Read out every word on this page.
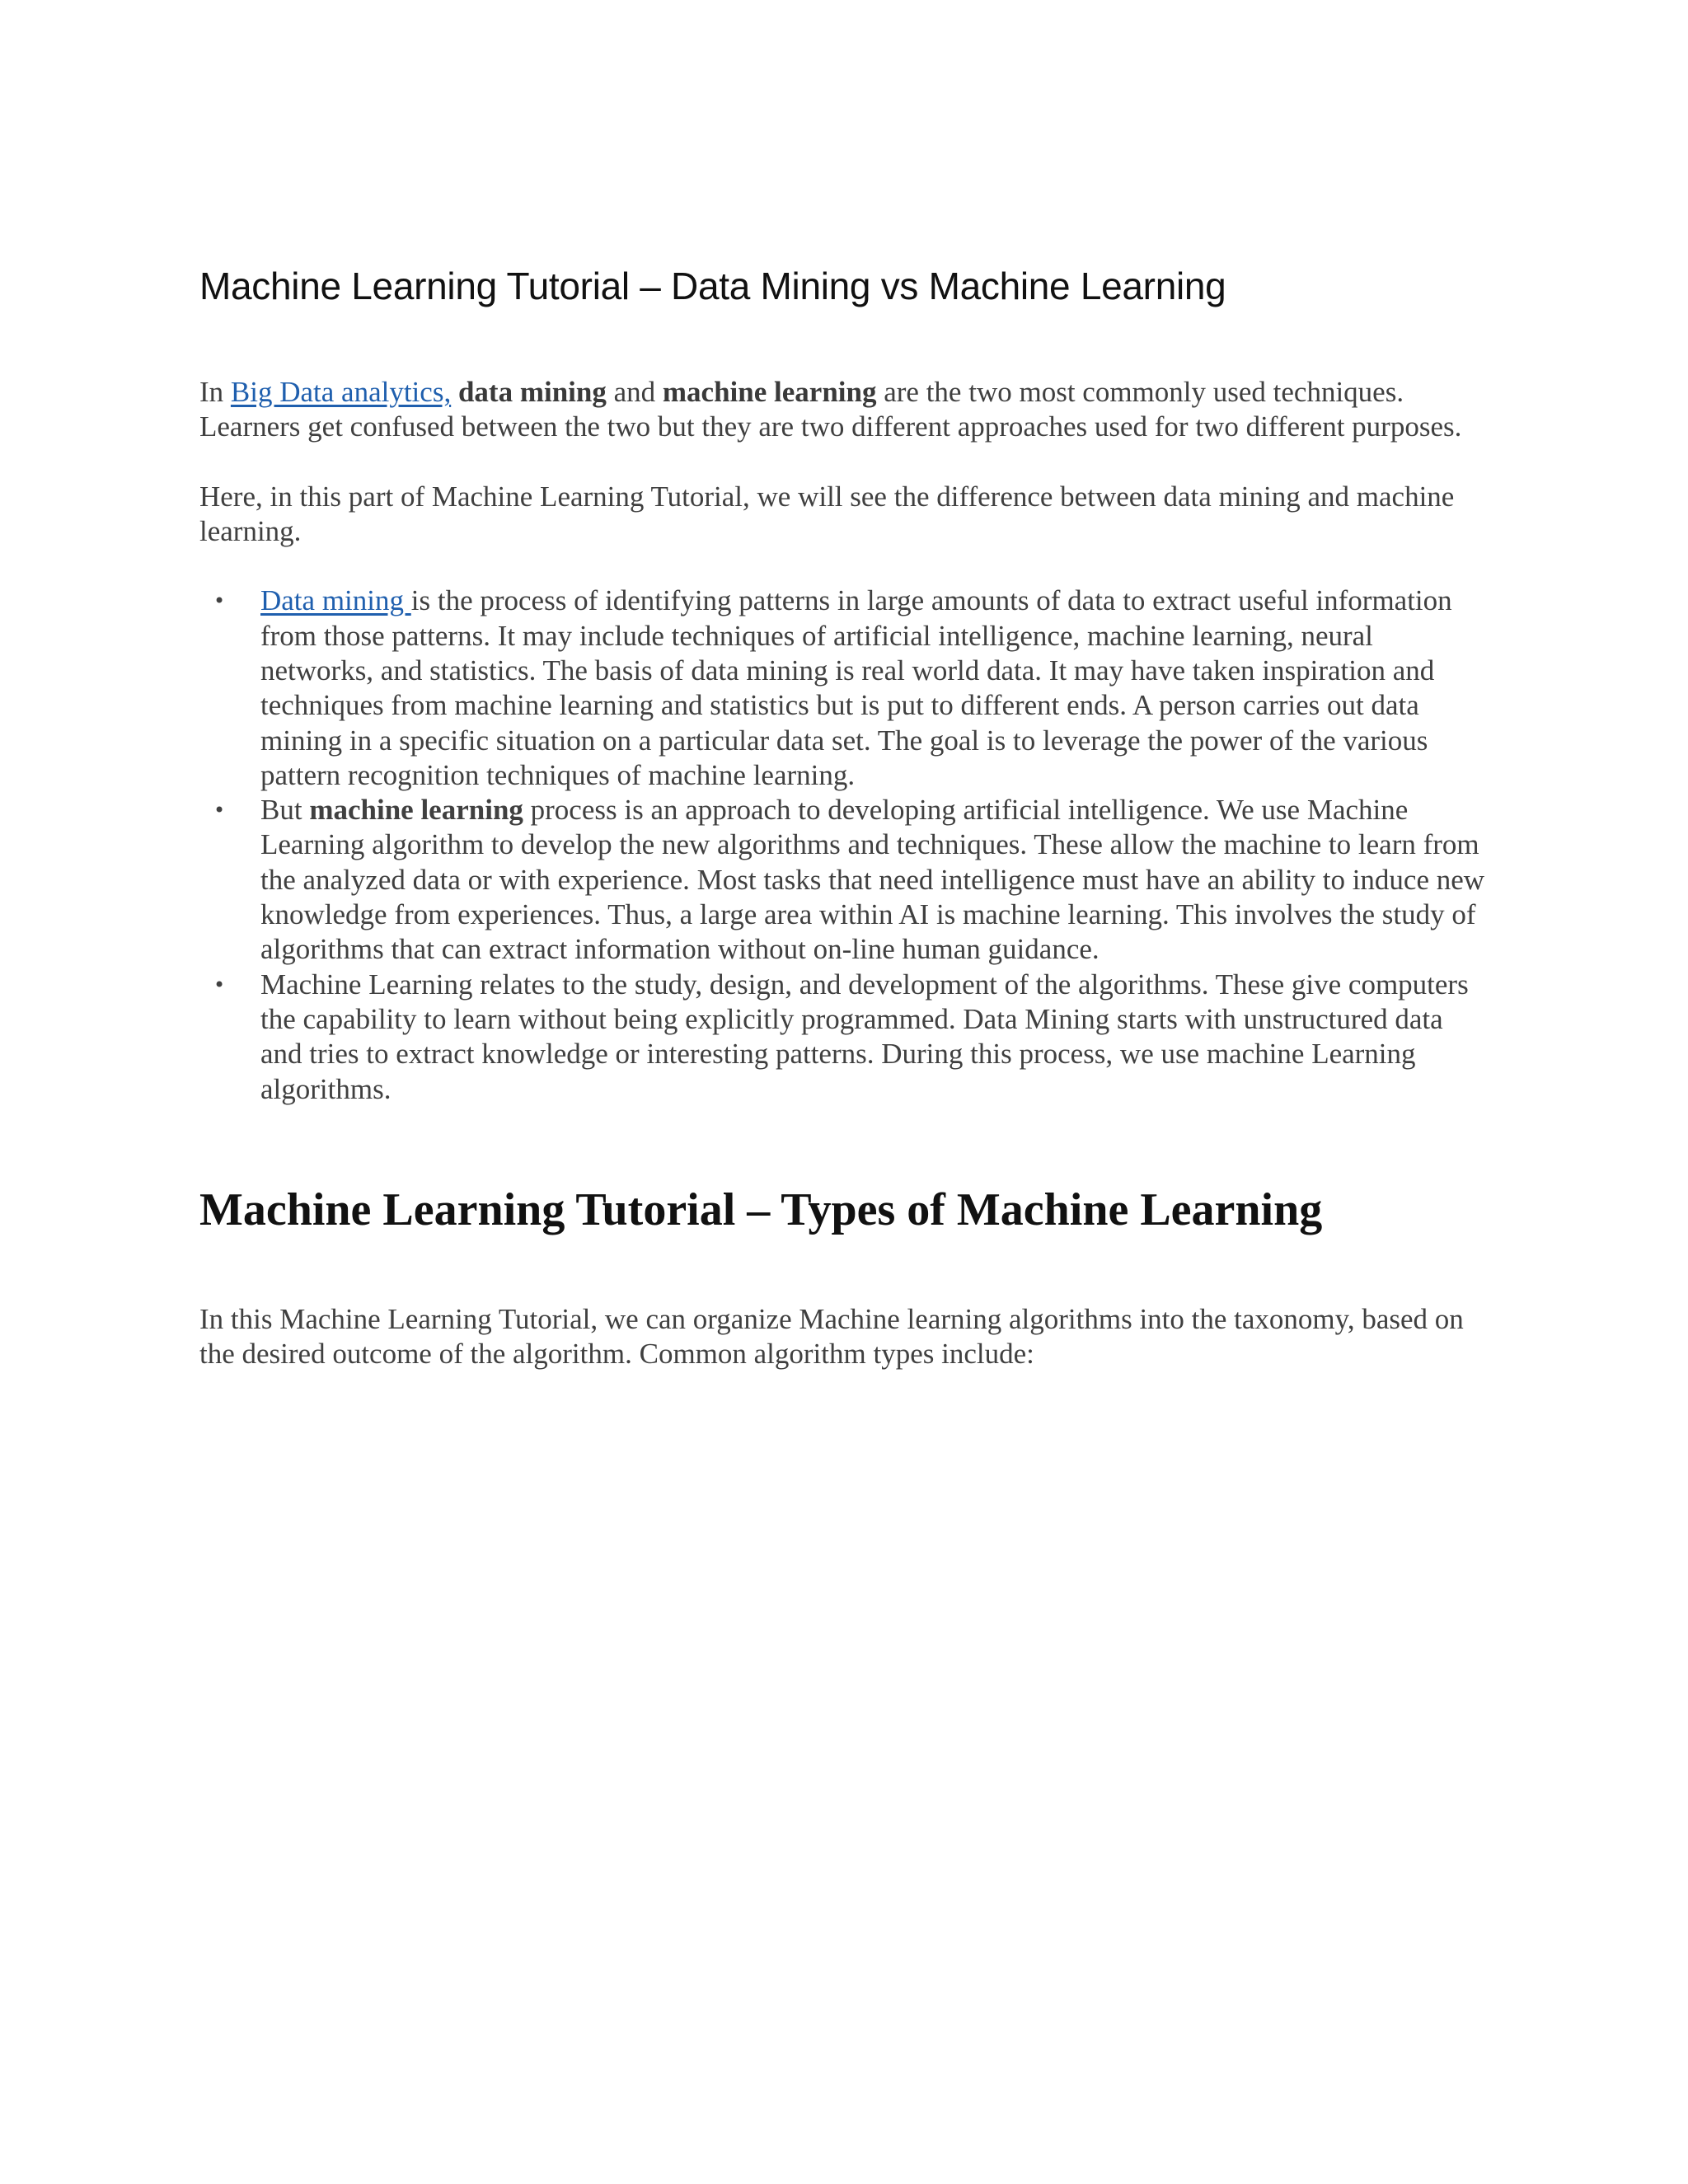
Machine Learning Tutorial – Data Mining vs Machine Learning

In Big Data analytics, data mining and machine learning are the two most commonly used techniques. Learners get confused between the two but they are two different approaches used for two different purposes.

Here, in this part of Machine Learning Tutorial, we will see the difference between data mining and machine learning.

• Data mining is the process of identifying patterns in large amounts of data to extract useful information from those patterns. It may include techniques of artificial intelligence, machine learning, neural networks, and statistics. The basis of data mining is real world data. It may have taken inspiration and techniques from machine learning and statistics but is put to different ends. A person carries out data mining in a specific situation on a particular data set. The goal is to leverage the power of the various pattern recognition techniques of machine learning.
• But machine learning process is an approach to developing artificial intelligence. We use Machine Learning algorithm to develop the new algorithms and techniques. These allow the machine to learn from the analyzed data or with experience. Most tasks that need intelligence must have an ability to induce new knowledge from experiences. Thus, a large area within AI is machine learning. This involves the study of algorithms that can extract information without on-line human guidance.
• Machine Learning relates to the study, design, and development of the algorithms. These give computers the capability to learn without being explicitly programmed. Data Mining starts with unstructured data and tries to extract knowledge or interesting patterns. During this process, we use machine Learning algorithms.
Machine Learning Tutorial – Types of Machine Learning

In this Machine Learning Tutorial, we can organize Machine learning algorithms into the taxonomy, based on the desired outcome of the algorithm. Common algorithm types include:
